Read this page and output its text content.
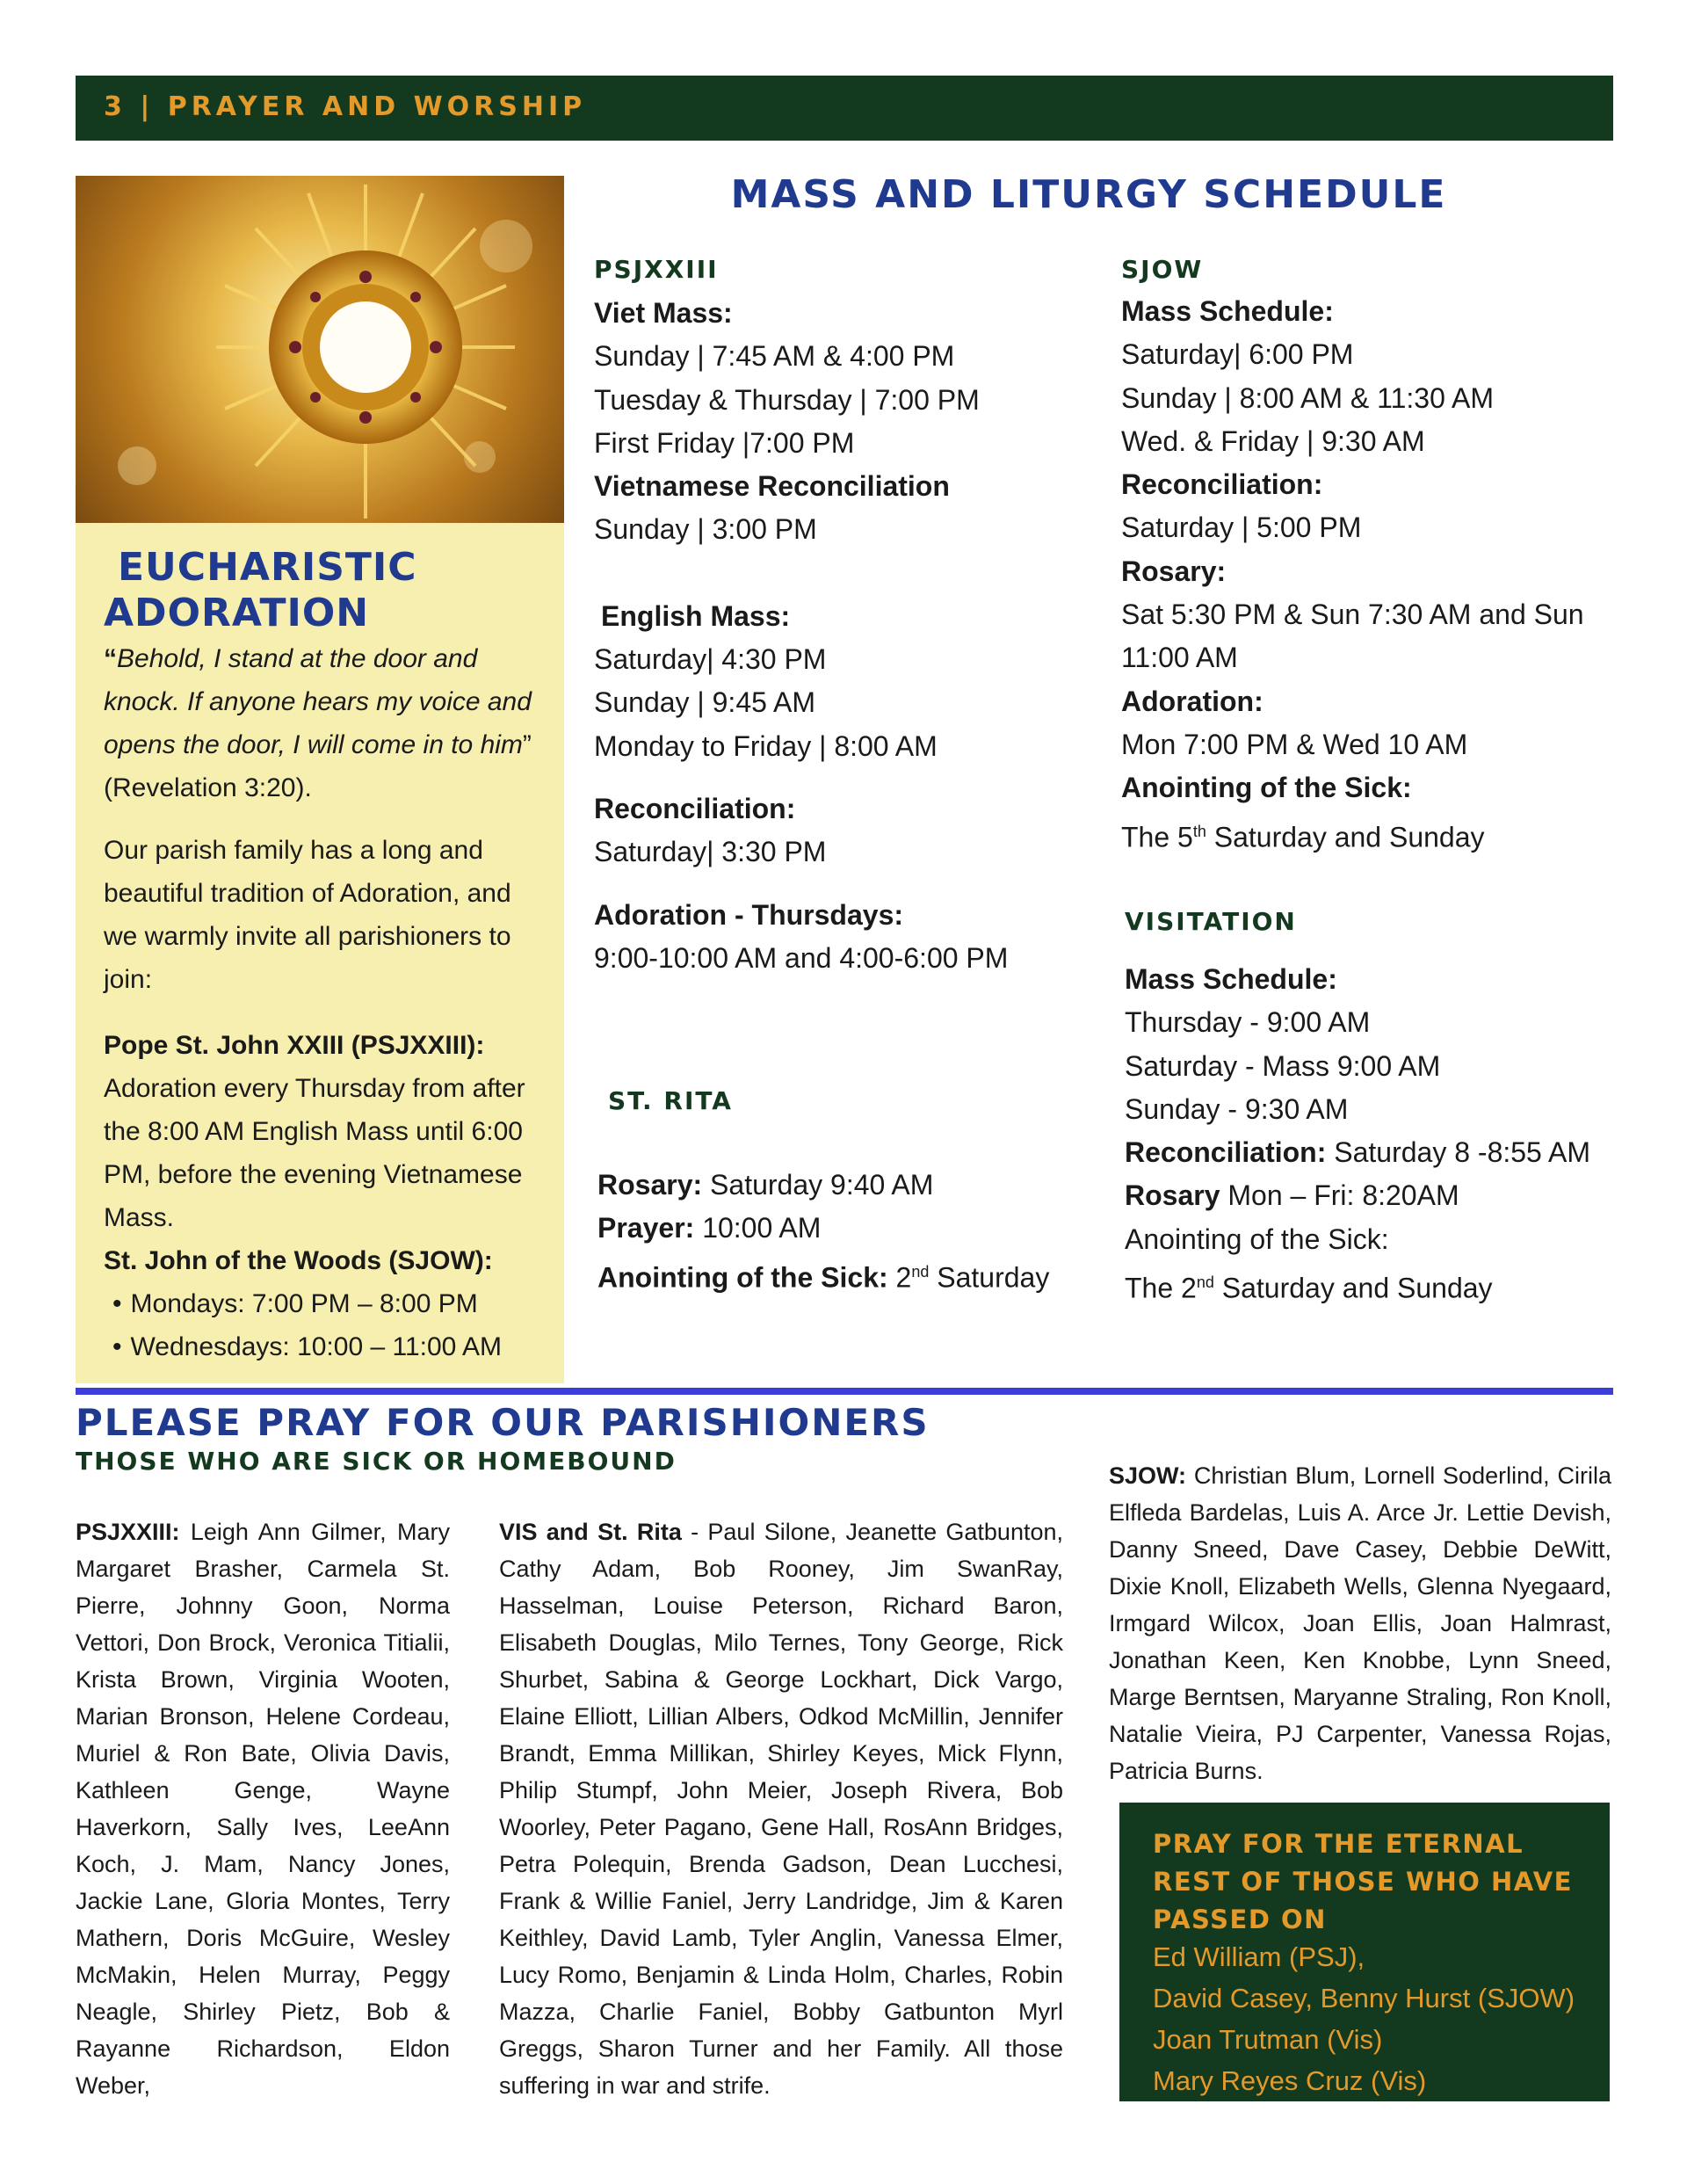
3 | PRAYER AND WORSHIP
EUCHARISTIC
ADORATION

“Behold, I stand at the door and knock. If anyone hears my voice and opens the door, I will come in to him” (Revelation 3:20).

Our parish family has a long and beautiful tradition of Adoration, and we warmly invite all parishioners to join:

Pope St. John XXIII (PSJXXIII):
Adoration every Thursday from after the 8:00 AM English Mass until 6:00 PM, before the evening Vietnamese Mass.
St. John of the Woods (SJOW):
• Mondays: 7:00 PM – 8:00 PM
• Wednesdays: 10:00 – 11:00 AM
MASS AND LITURGY SCHEDULE
PSJXXIII
Viet Mass:
Sunday | 7:45 AM & 4:00 PM
Tuesday & Thursday | 7:00 PM
First Friday |7:00 PM
Vietnamese Reconciliation
Sunday | 3:00 PM
English Mass:
Saturday| 4:30 PM
Sunday | 9:45 AM
Monday to Friday | 8:00 AM
Reconciliation:
Saturday| 3:30 PM
Adoration - Thursdays:
9:00-10:00 AM and 4:00-6:00 PM
ST. RITA
Rosary: Saturday 9:40 AM
Prayer: 10:00 AM
Anointing of the Sick: 2nd Saturday
SJOW
Mass Schedule:
Saturday| 6:00 PM
Sunday | 8:00 AM & 11:30 AM
Wed. & Friday | 9:30 AM
Reconciliation:
Saturday | 5:00 PM
Rosary:
Sat 5:30 PM & Sun 7:30 AM and Sun
11:00 AM
Adoration:
Mon 7:00 PM & Wed 10 AM
Anointing of the Sick:
The 5th Saturday and Sunday
VISITATION
Mass Schedule:
Thursday - 9:00 AM
Saturday - Mass 9:00 AM
Sunday - 9:30 AM
Reconciliation: Saturday 8 -8:55 AM
Rosary Mon – Fri: 8:20AM
Anointing of the Sick:
The 2nd Saturday and Sunday
PLEASE PRAY FOR OUR PARISHIONERS
THOSE WHO ARE SICK OR HOMEBOUND
PSJXXIII: Leigh Ann Gilmer, Mary Margaret Brasher, Carmela St. Pierre, Johnny Goon, Norma Vettori, Don Brock, Veronica Titialii, Krista Brown, Virginia Wooten, Marian Bronson, Helene Cordeau, Muriel & Ron Bate, Olivia Davis, Kathleen Genge, Wayne Haverkorn, Sally Ives, LeeAnn Koch, J. Mam, Nancy Jones, Jackie Lane, Gloria Montes, Terry Mathern, Doris McGuire, Wesley McMakin, Helen Murray, Peggy Neagle, Shirley Pietz, Bob & Rayanne Richardson, Eldon Weber,
VIS and St. Rita - Paul Silone, Jeanette Gatbunton, Cathy Adam, Bob Rooney, Jim SwanRay, Hasselman, Louise Peterson, Richard Baron, Elisabeth Douglas, Milo Ternes, Tony George, Rick Shurbet, Sabina & George Lockhart, Dick Vargo, Elaine Elliott, Lillian Albers, Odkod McMillin, Jennifer Brandt, Emma Millikan, Shirley Keyes, Mick Flynn, Philip Stumpf, John Meier, Joseph Rivera, Bob Woorley, Peter Pagano, Gene Hall, RosAnn Bridges, Petra Polequin, Brenda Gadson, Dean Lucchesi, Frank & Willie Faniel, Jerry Landridge, Jim & Karen Keithley, David Lamb, Tyler Anglin, Vanessa Elmer, Lucy Romo, Benjamin & Linda Holm, Charles, Robin Mazza, Charlie Faniel, Bobby Gatbunton Myrl Greggs, Sharon Turner and her Family. All those suffering in war and strife.
SJOW: Christian Blum, Lornell Soderlind, Cirila Elfleda Bardelas, Luis A. Arce Jr. Lettie Devish, Danny Sneed, Dave Casey, Debbie DeWitt, Dixie Knoll, Elizabeth Wells, Glenna Nyegaard, Irmgard Wilcox, Joan Ellis, Joan Halmrast, Jonathan Keen, Ken Knobbe, Lynn Sneed, Marge Berntsen, Maryanne Straling, Ron Knoll, Natalie Vieira, PJ Carpenter, Vanessa Rojas, Patricia Burns.
PRAY FOR THE ETERNAL REST OF THOSE WHO HAVE PASSED ON
Ed William (PSJ),
David Casey, Benny Hurst (SJOW)
Joan Trutman (Vis)
Mary Reyes Cruz (Vis)
